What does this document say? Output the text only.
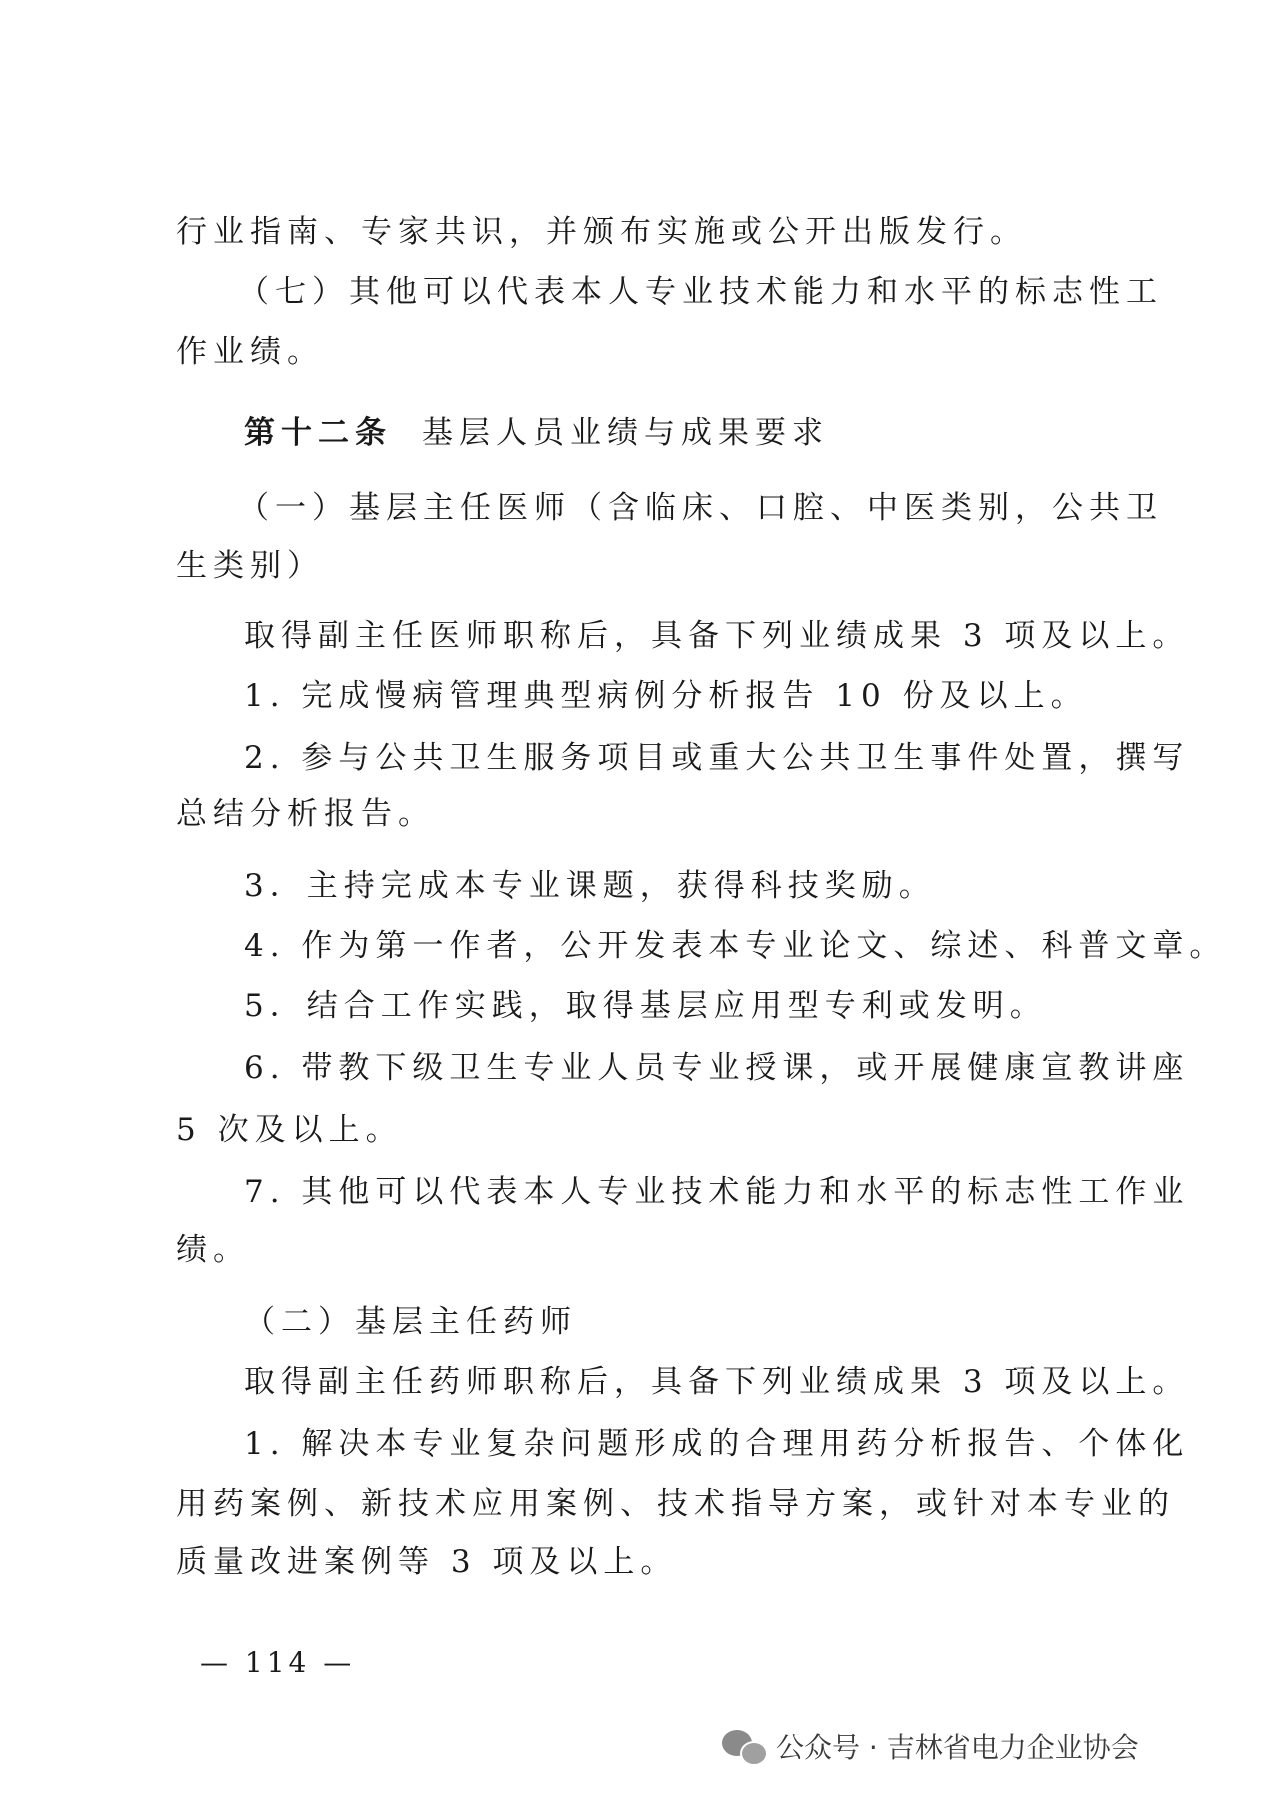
行业指南、专家共识，并颁布实施或公开出版发行。
（七）其他可以代表本人专业技术能力和水平的标志性工
作业绩。
第十二条 基层人员业绩与成果要求
（一）基层主任医师（含临床、口腔、中医类别，公共卫
生类别）
取得副主任医师职称后，具备下列业绩成果 3 项及以上。
1. 完成慢病管理典型病例分析报告 10 份及以上。
2. 参与公共卫生服务项目或重大公共卫生事件处置，撰写
总结分析报告。
3．主持完成本专业课题，获得科技奖励。
4. 作为第一作者，公开发表本专业论文、综述、科普文章。
5．结合工作实践，取得基层应用型专利或发明。
6. 带教下级卫生专业人员专业授课，或开展健康宣教讲座
5 次及以上。
7. 其他可以代表本人专业技术能力和水平的标志性工作业
绩。
（二）基层主任药师
取得副主任药师职称后，具备下列业绩成果 3 项及以上。
1. 解决本专业复杂问题形成的合理用药分析报告、个体化
用药案例、新技术应用案例、技术指导方案，或针对本专业的
质量改进案例等 3 项及以上。
— 114 —
公众号 · 吉林省电力企业协会
